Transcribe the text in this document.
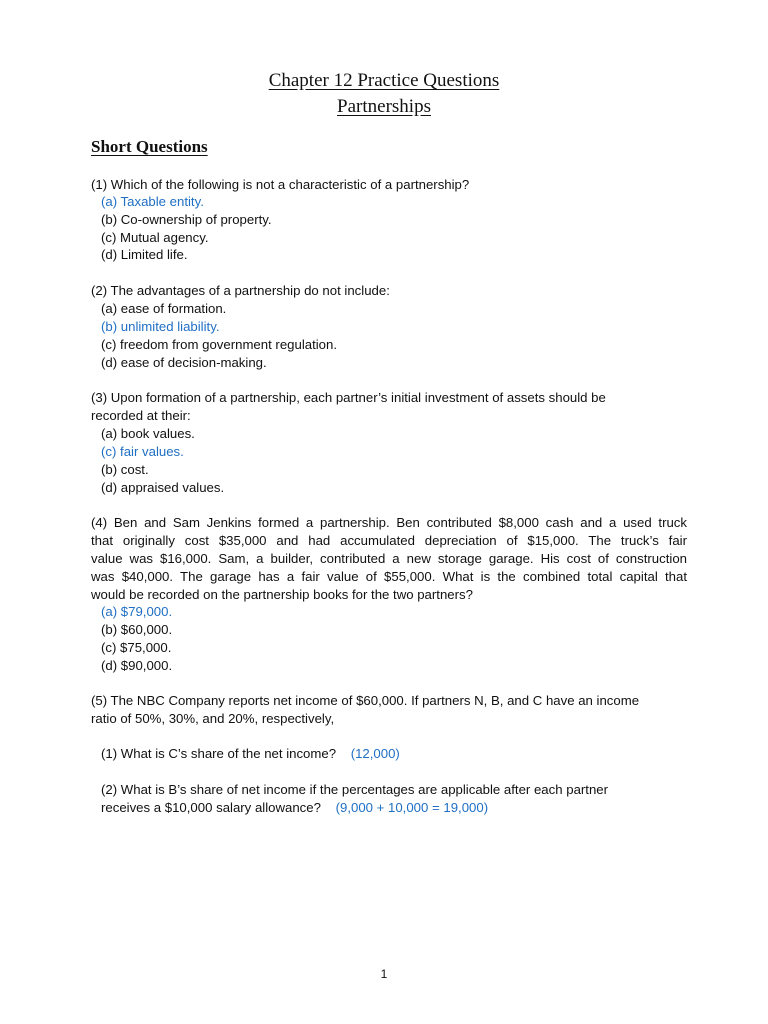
Chapter 12 Practice Questions
Partnerships
Short Questions
(1) Which of the following is not a characteristic of a partnership?
(a) Taxable entity.
(b) Co-ownership of property.
(c) Mutual agency.
(d) Limited life.
(2) The advantages of a partnership do not include:
(a) ease of formation.
(b) unlimited liability.
(c) freedom from government regulation.
(d) ease of decision-making.
(3) Upon formation of a partnership, each partner’s initial investment of assets should be
recorded at their:
(a) book values.
(c) fair values.
(b) cost.
(d) appraised values.
(4) Ben and Sam Jenkins formed a partnership. Ben contributed $8,000 cash and a used truck
that originally cost $35,000 and had accumulated depreciation of $15,000. The truck’s fair
value was $16,000. Sam, a builder, contributed a new storage garage. His cost of construction
was $40,000. The garage has a fair value of $55,000. What is the combined total capital that
would be recorded on the partnership books for the two partners?
(a) $79,000.
(b) $60,000.
(c) $75,000.
(d) $90,000.
(5) The NBC Company reports net income of $60,000. If partners N, B, and C have an income
ratio of 50%, 30%, and 20%, respectively,
(1) What is C’s share of the net income? (12,000)
(2) What is B’s share of net income if the percentages are applicable after each partner
receives a $10,000 salary allowance? (9,000 + 10,000 = 19,000)
1
